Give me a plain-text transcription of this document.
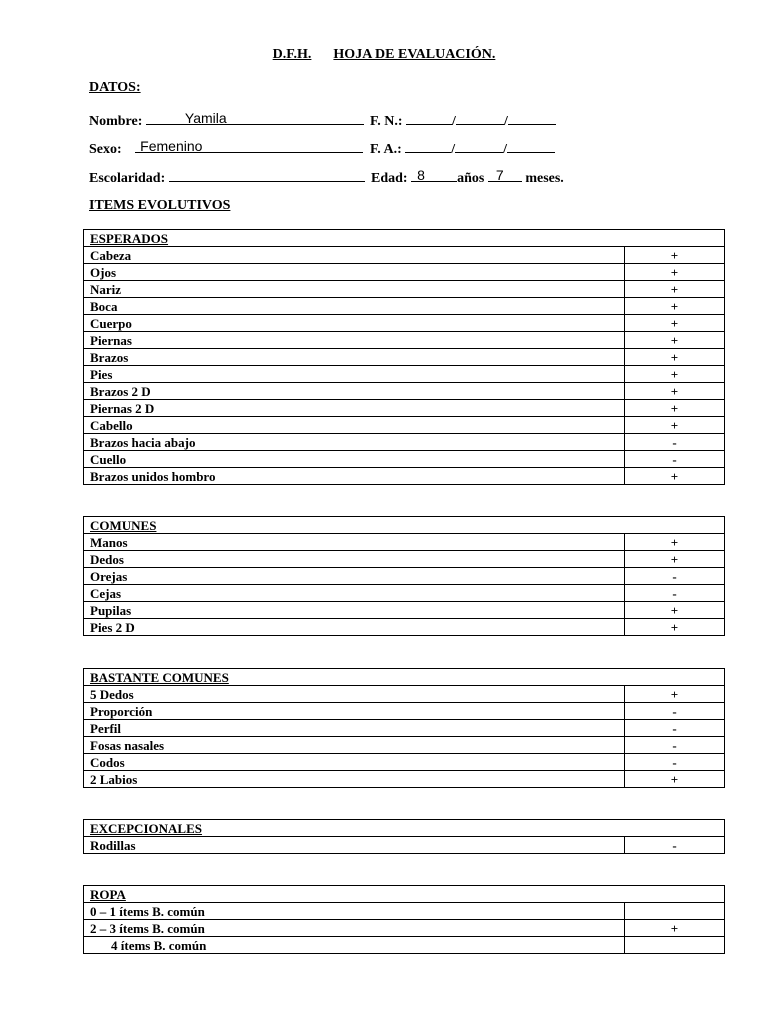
D.F.H. HOJA DE EVALUACIÓN.
DATOS:
Nombre:	Yamila	F. N.:	/	/
Sexo: Femenino	F. A.:	/	/
Escolaridad:	Edad: 8 años 7 meses.
ITEMS EVOLUTIVOS
ESPERADOS	
Cabeza	+
Ojos	+
Nariz	+
Boca	+
Cuerpo	+
Piernas	+
Brazos	+
Pies	+
Brazos 2 D	+
Piernas 2 D	+
Cabello	+
Brazos hacia abajo	-
Cuello	-
Brazos unidos hombro	+
COMUNES	
Manos	+
Dedos	+
Orejas	-
Cejas	-
Pupilas	+
Pies 2 D	+
BASTANTE COMUNES	
5 Dedos	+
Proporción	-
Perfil	-
Fosas nasales	-
Codos	-
2 Labios	+
EXCEPCIONALES
Rodillas	-
ROPA	
0 – 1 ítems B. común	
2 – 3 ítems B. común	+
4 ítems B. común	
